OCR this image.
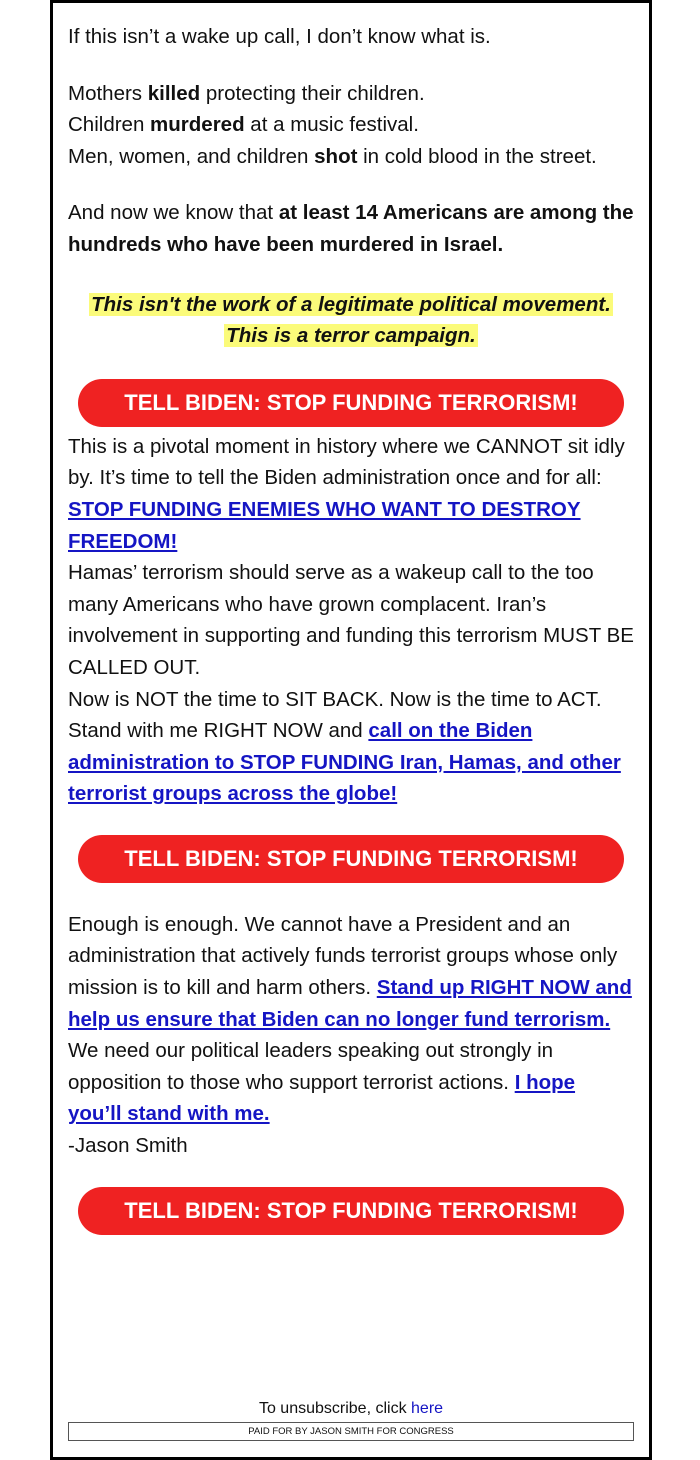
If this isn’t a wake up call, I don’t know what is.

Mothers killed protecting their children.

Children murdered at a music festival.

Men, women, and children shot in cold blood in the street.

And now we know that at least 14 Americans are among the hundreds who have been murdered in Israel.

This isn't the work of a legitimate political movement.
This is a terror campaign.
TELL BIDEN: STOP FUNDING TERRORISM!

This is a pivotal moment in history where we CANNOT sit idly by. It’s time to tell the Biden administration once and for all: STOP FUNDING ENEMIES WHO WANT TO DESTROY FREEDOM!

Hamas’ terrorism should serve as a wakeup call to the too many Americans who have grown complacent. Iran’s involvement in supporting and funding this terrorism MUST BE CALLED OUT.

Now is NOT the time to SIT BACK. Now is the time to ACT. Stand with me RIGHT NOW and call on the Biden administration to STOP FUNDING Iran, Hamas, and other terrorist groups across the globe!

TELL BIDEN: STOP FUNDING TERRORISM!

Enough is enough. We cannot have a President and an administration that actively funds terrorist groups whose only mission is to kill and harm others. Stand up RIGHT NOW and help us ensure that Biden can no longer fund terrorism.

We need our political leaders speaking out strongly in opposition to those who support terrorist actions. I hope you’ll stand with me.

-Jason Smith

TELL BIDEN: STOP FUNDING TERRORISM!
To unsubscribe, click here
PAID FOR BY JASON SMITH FOR CONGRESS
